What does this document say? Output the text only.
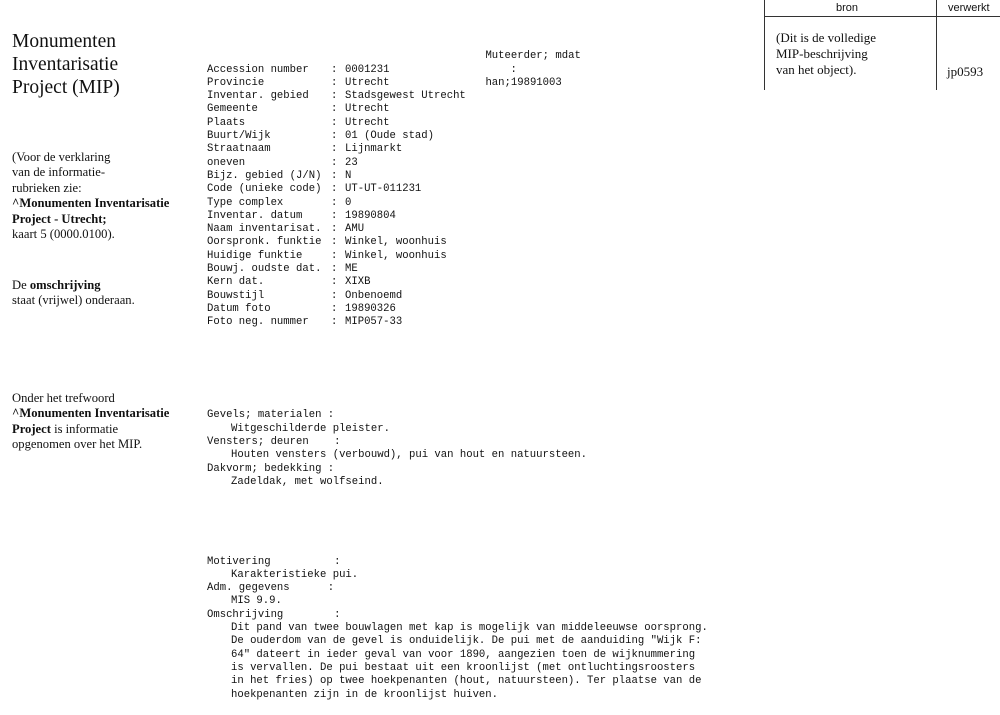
Monumenten
Inventarisatie
Project (MIP)
(Voor de verklaring
van de informatie-
rubrieken zie:
^Monumenten Inventarisatie
Project - Utrecht;
kaart 5 (0000.0100).
De omschrijving
staat (vrijwel) onderaan.
Onder het trefwoord
^Monumenten Inventarisatie
Project is informatie
opgenomen over het MIP.

Accession number	: 0001231
Provincie	: Utrecht
Inventar. gebied	: Stadsgewest Utrecht
Gemeente	: Utrecht
Plaats	: Utrecht
Buurt/Wijk	: 01 (Oude stad)
Straatnaam	: Lijnmarkt
oneven	: 23
Bijz. gebied (J/N) : N
Code (unieke code) : UT-UT-011231
Type complex	: 0
Inventar. datum	: 19890804
Naam inventarisat. : AMU
Oorspronk. funktie : Winkel, woonhuis
Huidige funktie	: Winkel, woonhuis
Bouwj. oudste dat. : ME
Kern dat.	: XIXB
Bouwstijl	: Onbenoemd
Datum foto	: 19890326
Foto neg. nummer	: MIP057-33

Muteerder; mdat
:
han;19891003

Gevels; materialen :
Witgeschilderde pleister.
Vensters; deuren    :
Houten vensters (verbouwd), pui van hout en natuursteen.
Dakvorm; bedekking :
Zadeldak, met wolfseind.

Motivering          :
Karakteristieke pui.
Adm. gegevens      :
MIS 9.9.
Omschrijving        :
Dit pand van twee bouwlagen met kap is mogelijk van middeleeuwse oorsprong.
De ouderdom van de gevel is onduidelijk. De pui met de aanduiding "Wijk F:
64" dateert in ieder geval van voor 1890, aangezien toen de wijknummering
is vervallen. De pui bestaat uit een kroonlijst (met ontluchtingsroosters
in het fries) op twee hoekpenanten (hout, natuursteen). Ter plaatse van de
hoekpenanten zijn in de kroonlijst huiven.

bron	verwerkt
(Dit is de volledige
MIP-beschrijving
van het object).	jp0593
